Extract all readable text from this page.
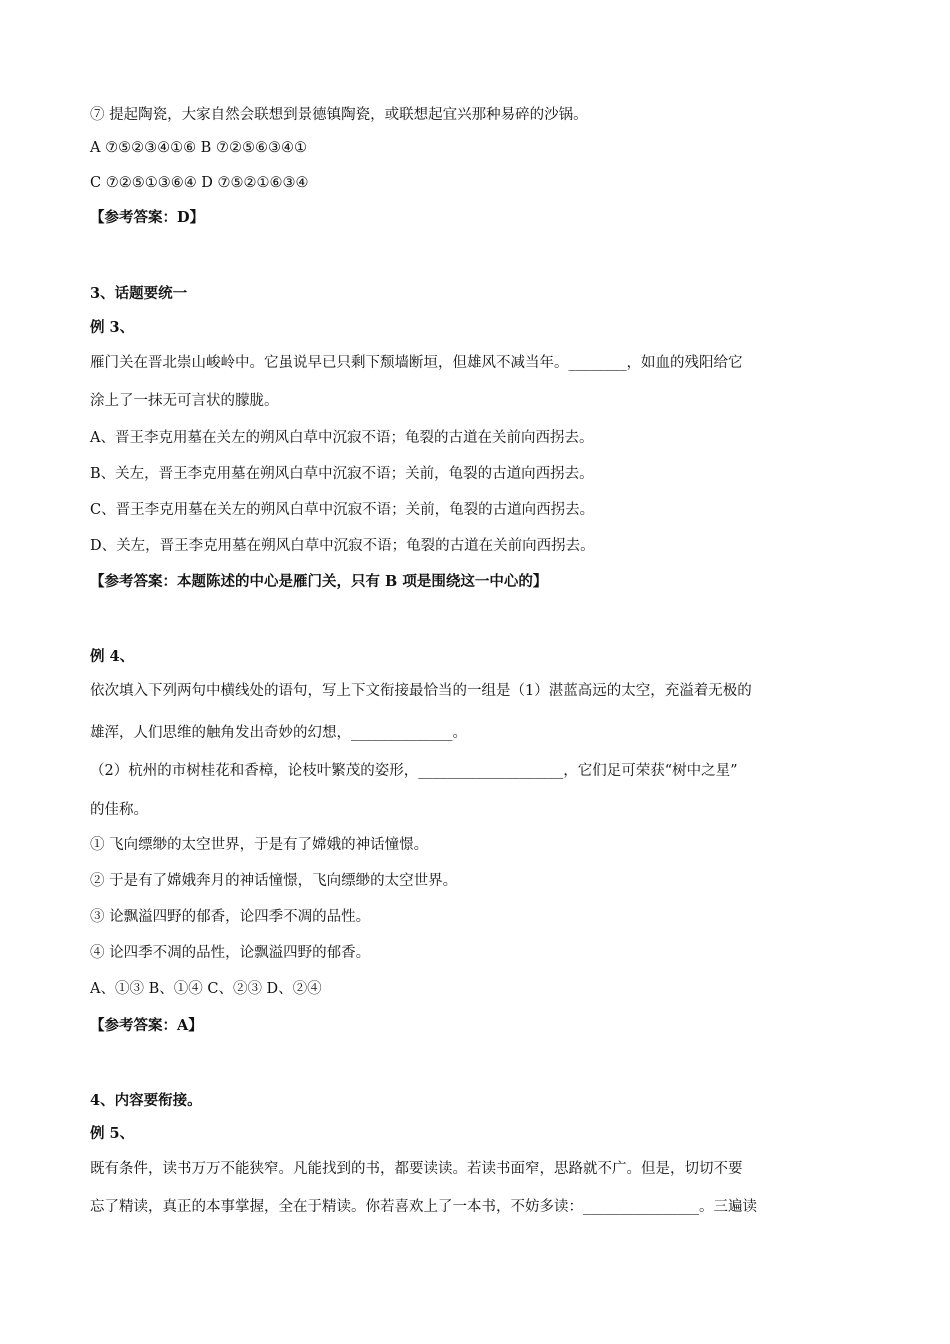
⑦ 提起陶瓷，大家自然会联想到景德镇陶瓷，或联想起宜兴那种易碎的沙锅。
A ⑦⑤②③④①⑥ B ⑦②⑤⑥③④①
C ⑦②⑤①③⑥④ D ⑦⑤②①⑥③④
【参考答案：D】
3、话题要统一
例 3、
雁门关在晋北崇山峻岭中。它虽说早已只剩下颓墙断垣，但雄风不减当年。________，如血的残阳给它
涂上了一抹无可言状的朦胧。
A、晋王李克用墓在关左的朔风白草中沉寂不语；龟裂的古道在关前向西拐去。
B、关左，晋王李克用墓在朔风白草中沉寂不语；关前，龟裂的古道向西拐去。
C、晋王李克用墓在关左的朔风白草中沉寂不语；关前，龟裂的古道向西拐去。
D、关左，晋王李克用墓在朔风白草中沉寂不语；龟裂的古道在关前向西拐去。
【参考答案：本题陈述的中心是雁门关，只有 B 项是围绕这一中心的】
例 4、
依次填入下列两句中横线处的语句，写上下文衔接最恰当的一组是（1）湛蓝高远的太空，充溢着无极的
雄浑，人们思维的触角发出奇妙的幻想，______________。
（2）杭州的市树桂花和香樟，论枝叶繁茂的姿形，____________________，它们足可荣获“树中之星”
的佳称。
① 飞向缥缈的太空世界，于是有了嫦娥的神话憧憬。
② 于是有了嫦娥奔月的神话憧憬，飞向缥缈的太空世界。
③ 论飘溢四野的郁香，论四季不凋的品性。
④ 论四季不凋的品性，论飘溢四野的郁香。
A、①③ B、①④ C、②③ D、②④
【参考答案：A】
4、内容要衔接。
例 5、
既有条件，读书万万不能狭窄。凡能找到的书，都要读读。若读书面窄，思路就不广。但是，切切不要
忘了精读，真正的本事掌握，全在于精读。你若喜欢上了一本书，不妨多读：________________。三遍读
